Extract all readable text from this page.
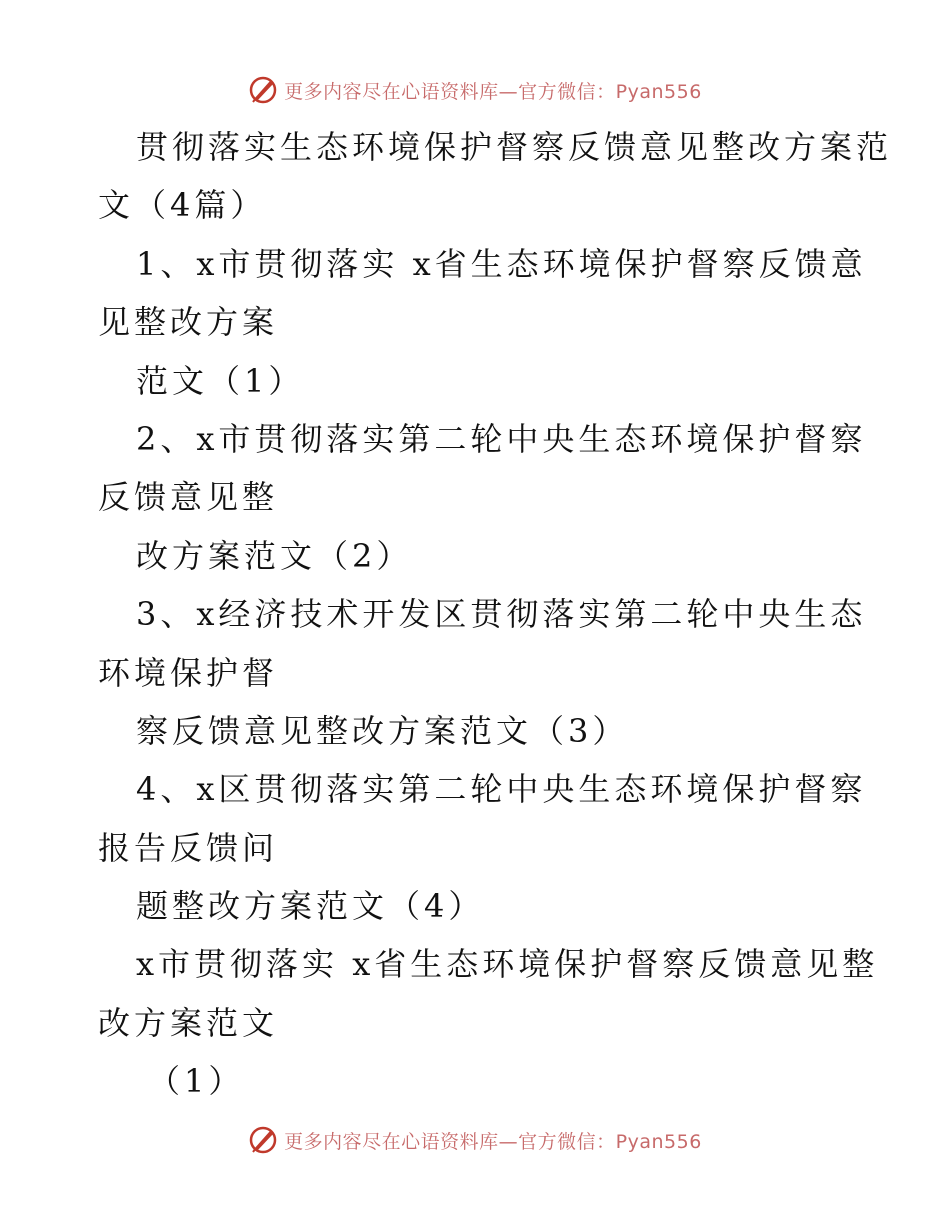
更多内容尽在心语资料库—官方微信：Pyan556
贯彻落实生态环境保护督察反馈意见整改方案范
文（4篇）
1、x市贯彻落实 x省生态环境保护督察反馈意
见整改方案
范文（1）
2、x市贯彻落实第二轮中央生态环境保护督察
反馈意见整
改方案范文（2）
3、x经济技术开发区贯彻落实第二轮中央生态
环境保护督
察反馈意见整改方案范文（3）
4、x区贯彻落实第二轮中央生态环境保护督察
报告反馈问
题整改方案范文（4）
x市贯彻落实 x省生态环境保护督察反馈意见整
改方案范文
（1）
更多内容尽在心语资料库—官方微信：Pyan556
